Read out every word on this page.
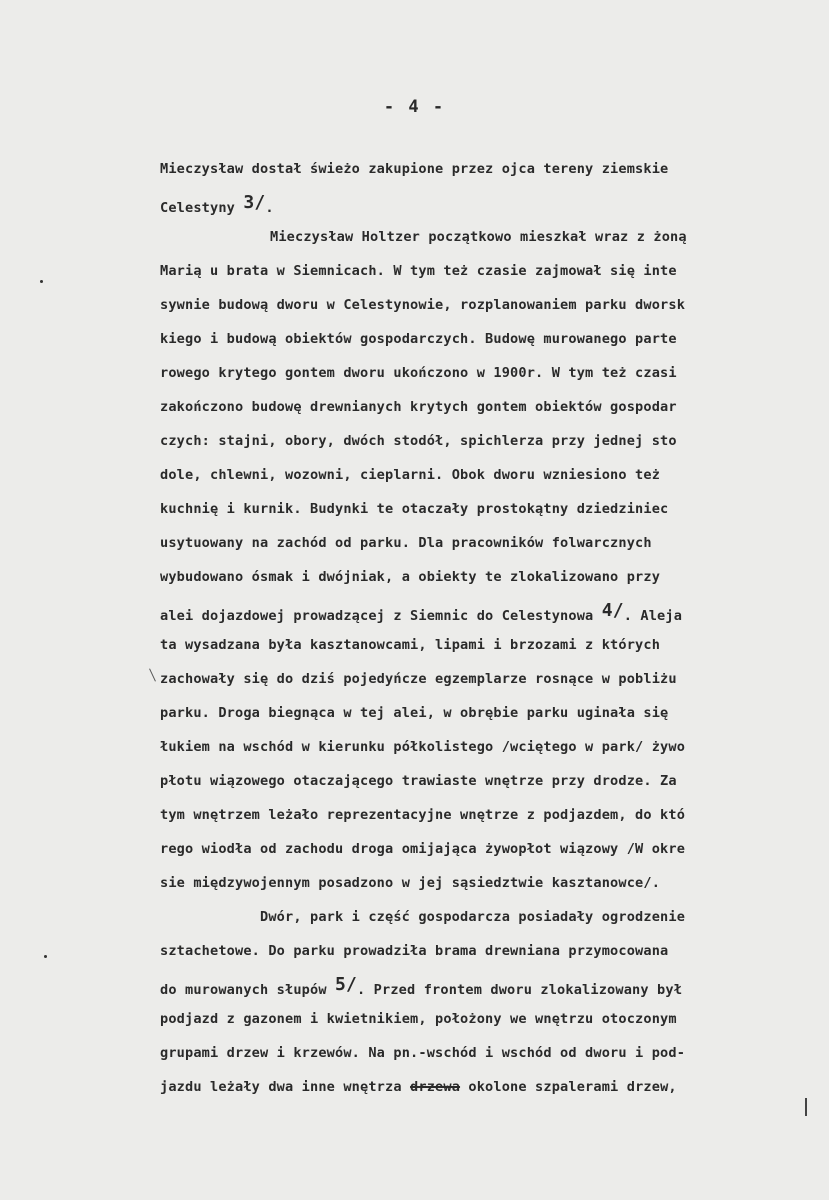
- 4 -
Mieczysław dostał świeżo zakupione przez ojca tereny ziemskie
Celestyny 3/.
Mieczysław Holtzer początkowo mieszkał wraz z żoną
Marią u brata w Siemnicach. W tym też czasie zajmował się inte
sywnie budową dworu w Celestynowie, rozplanowaniem parku dworsk
kiego i budową obiektów gospodarczych. Budowę murowanego parte
rowego krytego gontem dworu ukończono w 1900r. W tym też czasi
zakończono budowę drewnianych krytych gontem obiektów gospodar
czych: stajni, obory, dwóch stodół, spichlerza przy jednej sto
dole, chlewni, wozowni, cieplarni. Obok dworu wzniesiono też
kuchnię i kurnik. Budynki te otaczały prostokątny dziedziniec
usytuowany na zachód od parku. Dla pracowników folwarcznych
wybudowano ósmak i dwójniak, a obiekty te zlokalizowano przy
alei dojazdowej prowadzącej z Siemnic do Celestynowa 4/. Aleja
ta wysadzana była kasztanowcami, lipami i brzozami z których
zachowały się do dziś pojedyńcze egzemplarze rosnące w pobliżu
parku. Droga biegnąca w tej alei, w obrębie parku uginała się
łukiem na wschód w kierunku półkolistego /wciętego w park/ żywo
płotu wiązowego otaczającego trawiaste wnętrze przy drodze. Za
tym wnętrzem leżało reprezentacyjne wnętrze z podjazdem, do któ
rego wiodła od zachodu droga omijająca żywopłot wiązowy /W okre
sie międzywojennym posadzono w jej sąsiedztwie kasztanowce/.
Dwór, park i część gospodarcza posiadały ogrodzenie
sztachetowe. Do parku prowadziła brama drewniana przymocowana
do murowanych słupów 5/. Przed frontem dworu zlokalizowany był
podjazd z gazonem i kwietnikiem, położony we wnętrzu otoczonym
grupami drzew i krzewów. Na pn.-wschód i wschód od dworu i pod-
jazdu leżały dwa inne wnętrza drzewa okolone szpalerami drzew,
